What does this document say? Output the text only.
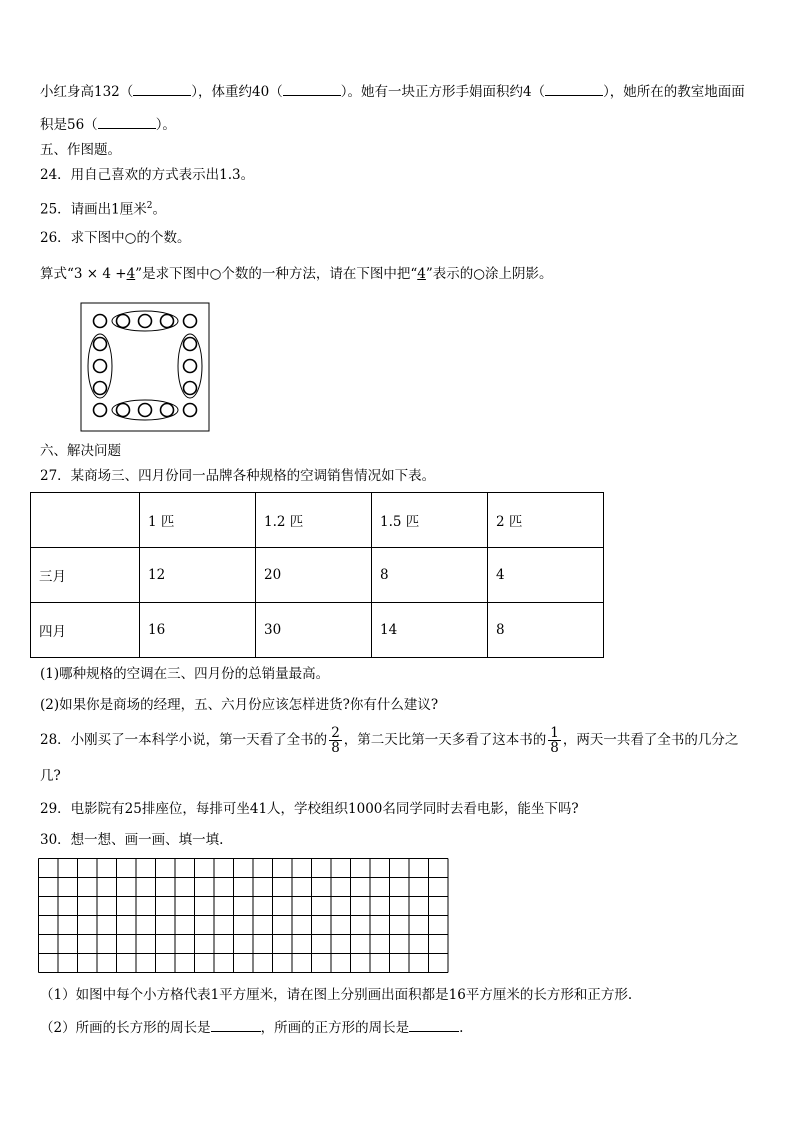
小红身高132（	），体重约40（	）。她有一块正方形手娟面积约4（	），她所在的教室地面面
积是56（	）。
五、作图题。
24．用自己喜欢的方式表示出1.3。
25．请画出1厘米$^2$。
26．求下图中○的个数。
算式“3 × 4 +4”是求下图中○个数的一种方法，请在下图中把“4”表示的○涂上阴影。
六、解决问题
27．某商场三、四月份同一品牌各种规格的空调销售情况如下表。
	1 匹	1.2 匹	1.5 匹	2 匹
三月	12	20	8	4
四月	16	30	14	8
(1)哪种规格的空调在三、四月份的总销量最高。
(2)如果你是商场的经理，五、六月份应该怎样进货?你有什么建议?
28．小刚买了一本科学小说，第一天看了全书的 $\frac{2}{8}$ ，第二天比第一天多看了这本书的 $\frac{1}{8}$ ，两天一共看了全书的几分之
几?
29．电影院有25排座位，每排可坐41人，学校组织1000名同学同时去看电影，能坐下吗?
30．想一想、画一画、填一填.
（1）如图中每个小方格代表1平方厘米，请在图上分别画出面积都是16平方厘米的长方形和正方形.
（2）所画的长方形的周长是	，所画的正方形的周长是	.
